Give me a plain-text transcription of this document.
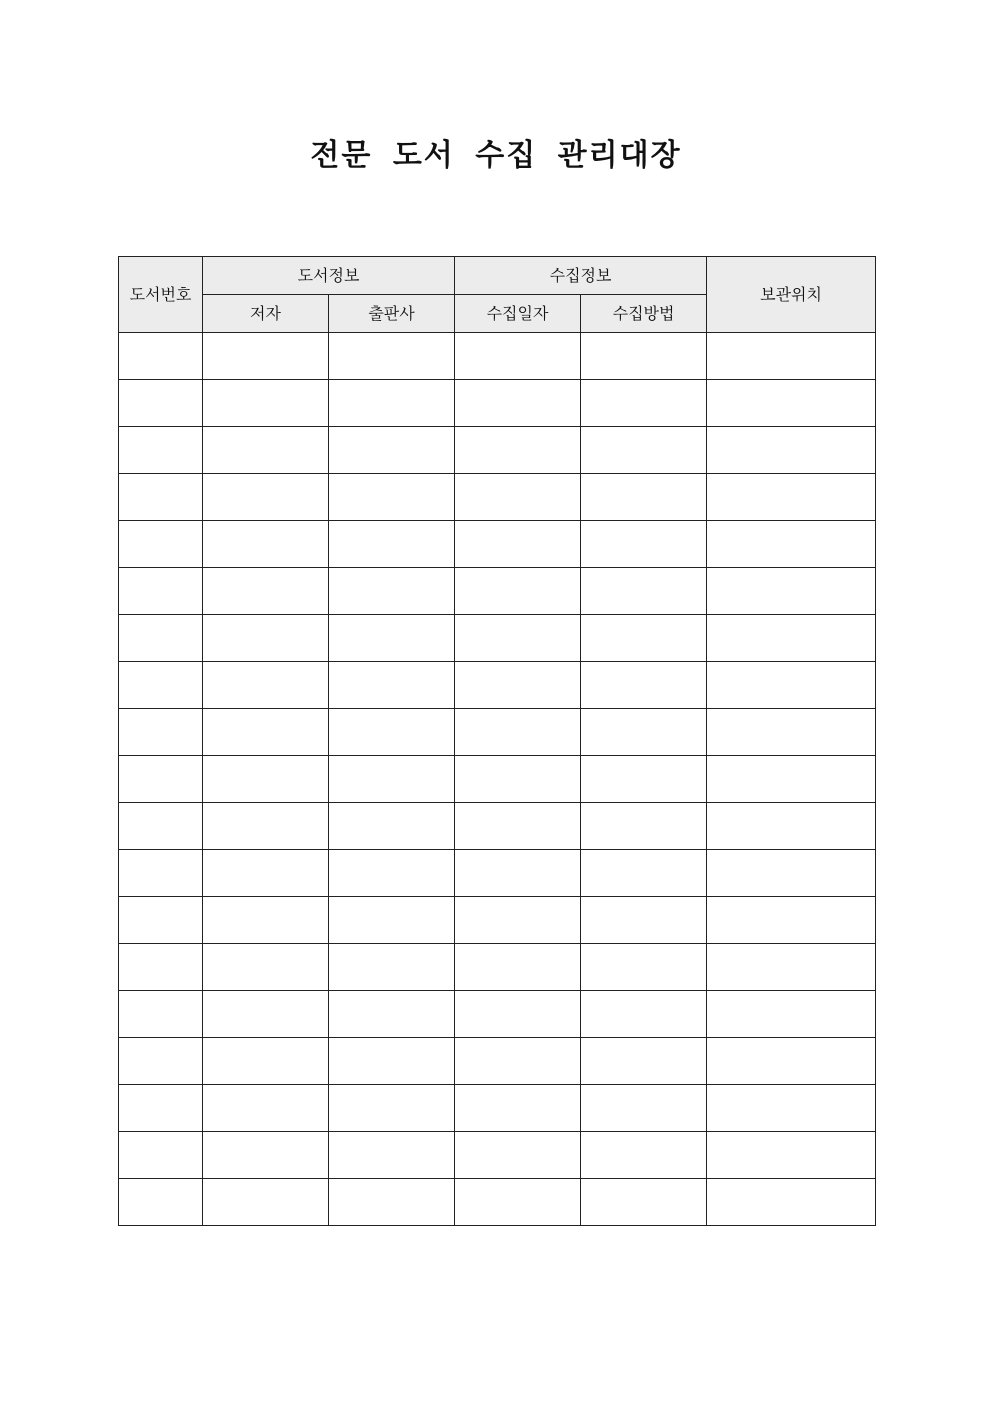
전문 도서 수집 관리대장
도서번호	도서정보		수집정보		보관위치
	저자	출판사	수집일자	수집방법	
